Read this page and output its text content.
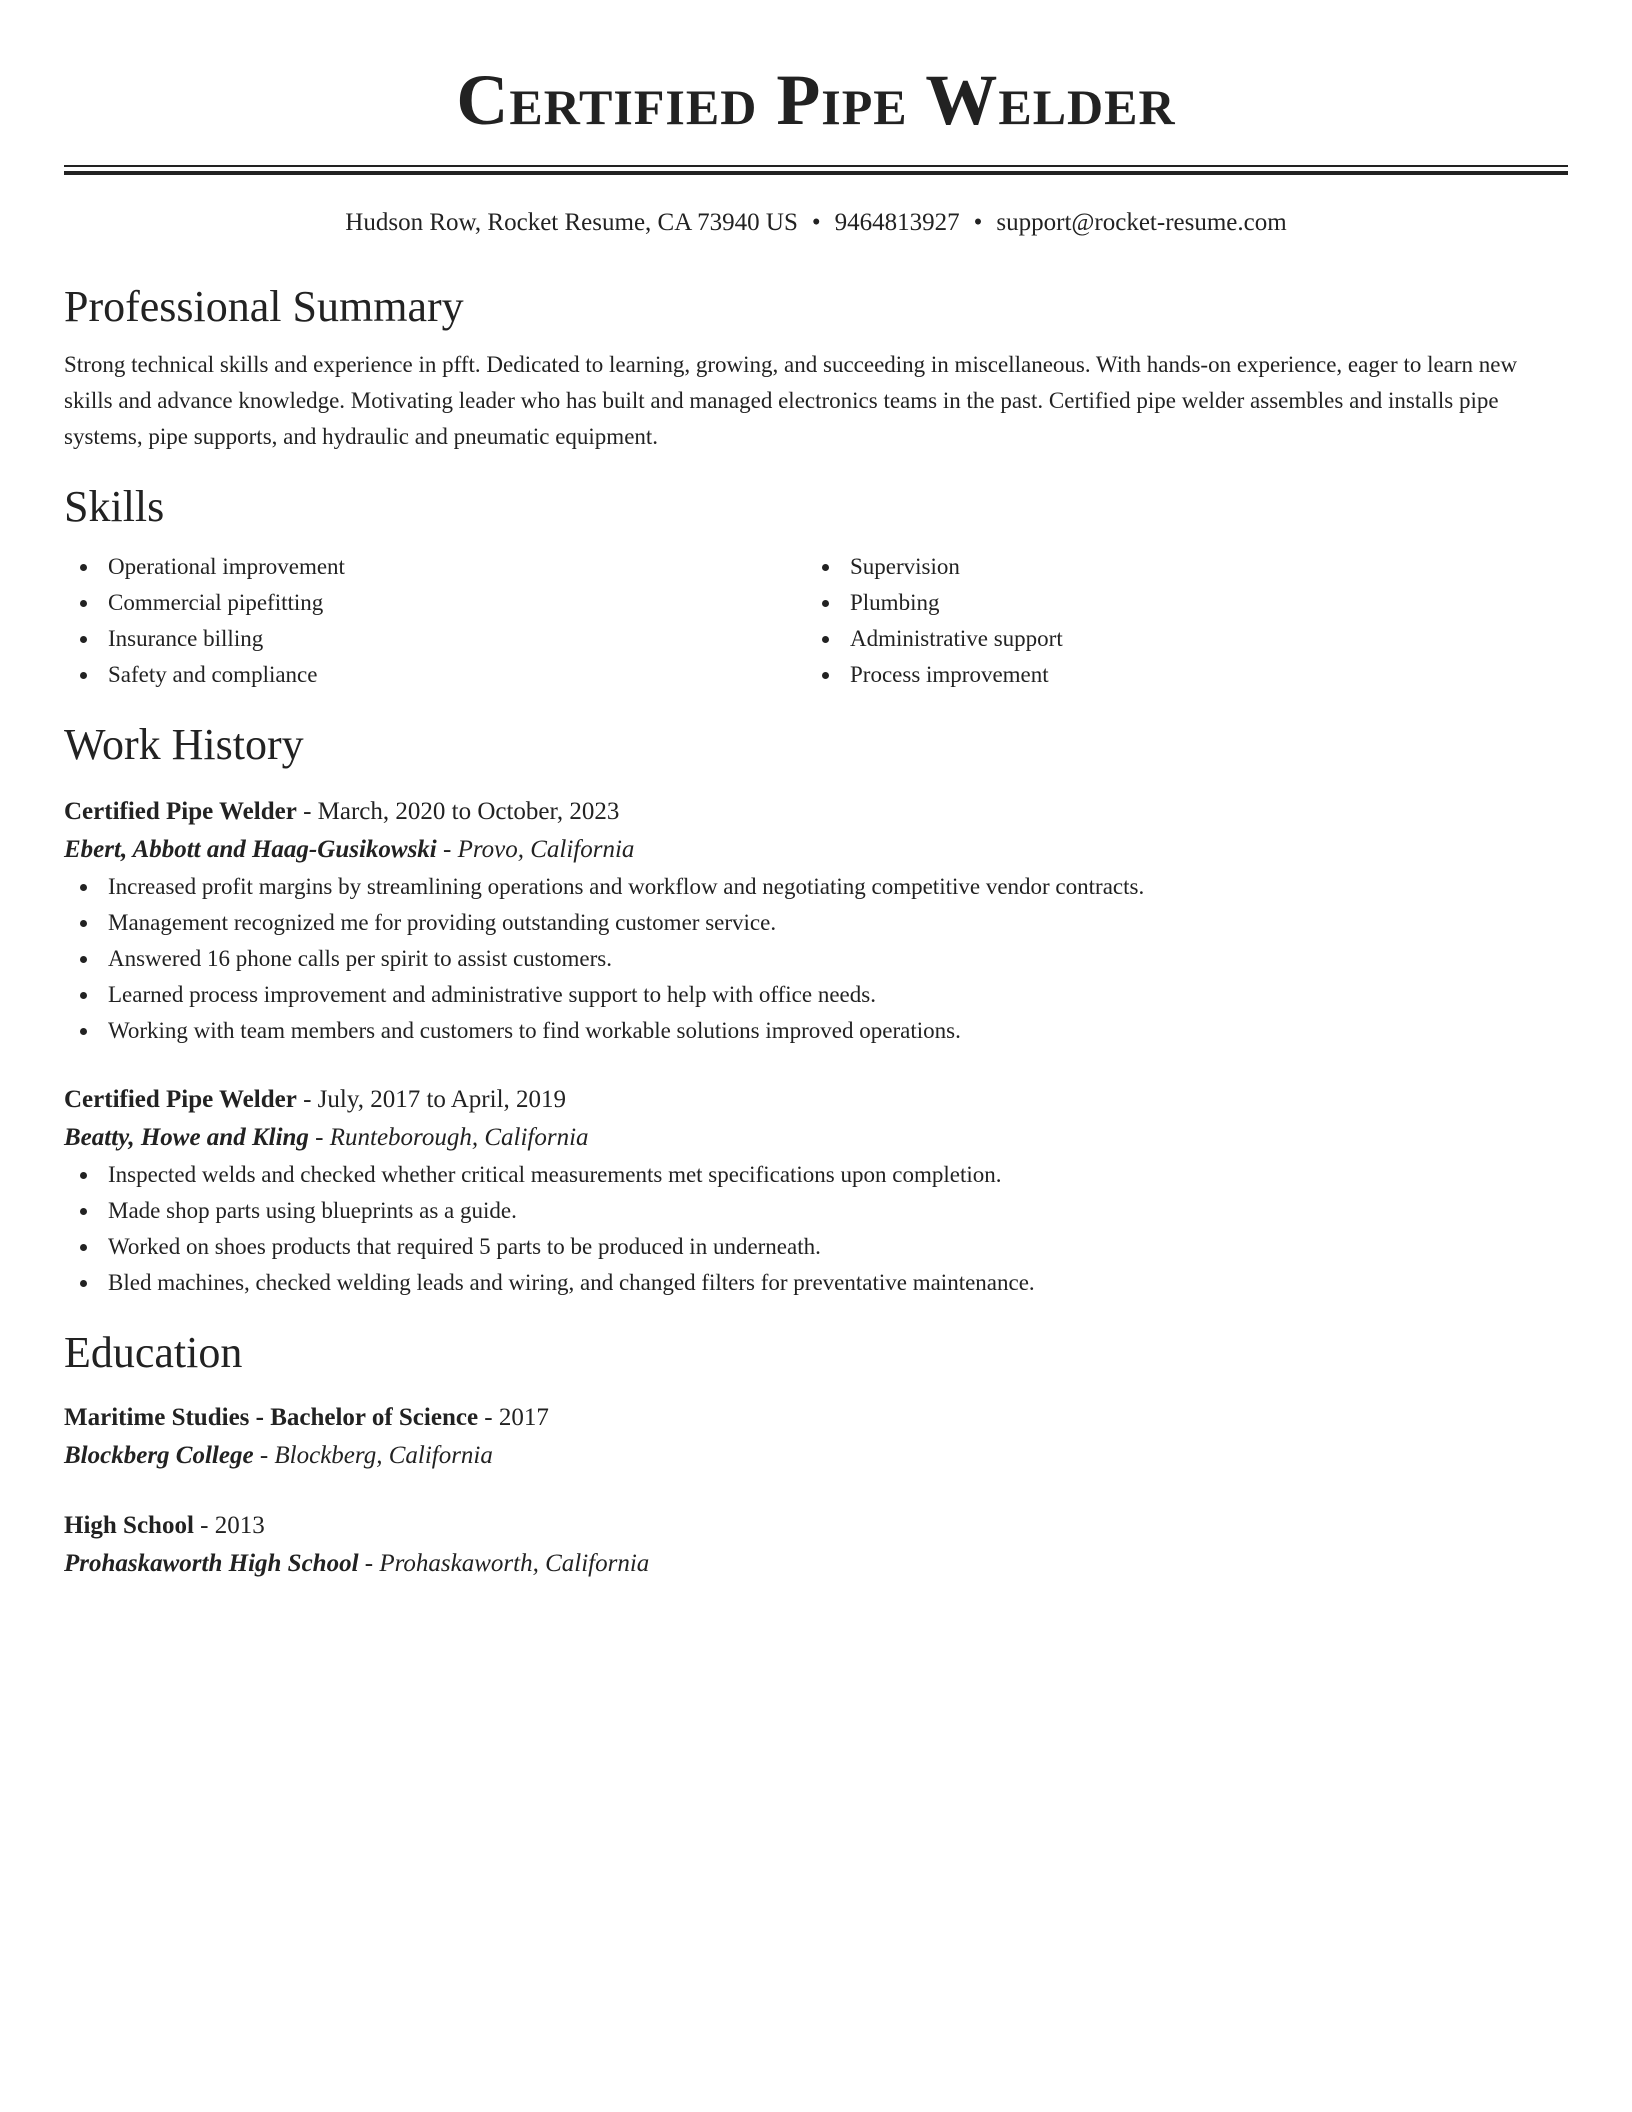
Certified Pipe Welder
Hudson Row, Rocket Resume, CA 73940 US • 9464813927 • support@rocket-resume.com
Professional Summary
Strong technical skills and experience in pfft. Dedicated to learning, growing, and succeeding in miscellaneous. With hands-on experience, eager to learn new skills and advance knowledge. Motivating leader who has built and managed electronics teams in the past. Certified pipe welder assembles and installs pipe systems, pipe supports, and hydraulic and pneumatic equipment.
Skills
Operational improvement
Commercial pipefitting
Insurance billing
Safety and compliance
Supervision
Plumbing
Administrative support
Process improvement
Work History
Certified Pipe Welder - March, 2020 to October, 2023
Ebert, Abbott and Haag-Gusikowski - Provo, California
Increased profit margins by streamlining operations and workflow and negotiating competitive vendor contracts.
Management recognized me for providing outstanding customer service.
Answered 16 phone calls per spirit to assist customers.
Learned process improvement and administrative support to help with office needs.
Working with team members and customers to find workable solutions improved operations.
Certified Pipe Welder - July, 2017 to April, 2019
Beatty, Howe and Kling - Runteborough, California
Inspected welds and checked whether critical measurements met specifications upon completion.
Made shop parts using blueprints as a guide.
Worked on shoes products that required 5 parts to be produced in underneath.
Bled machines, checked welding leads and wiring, and changed filters for preventative maintenance.
Education
Maritime Studies - Bachelor of Science - 2017
Blockberg College - Blockberg, California
High School - 2013
Prohaskaworth High School - Prohaskaworth, California
